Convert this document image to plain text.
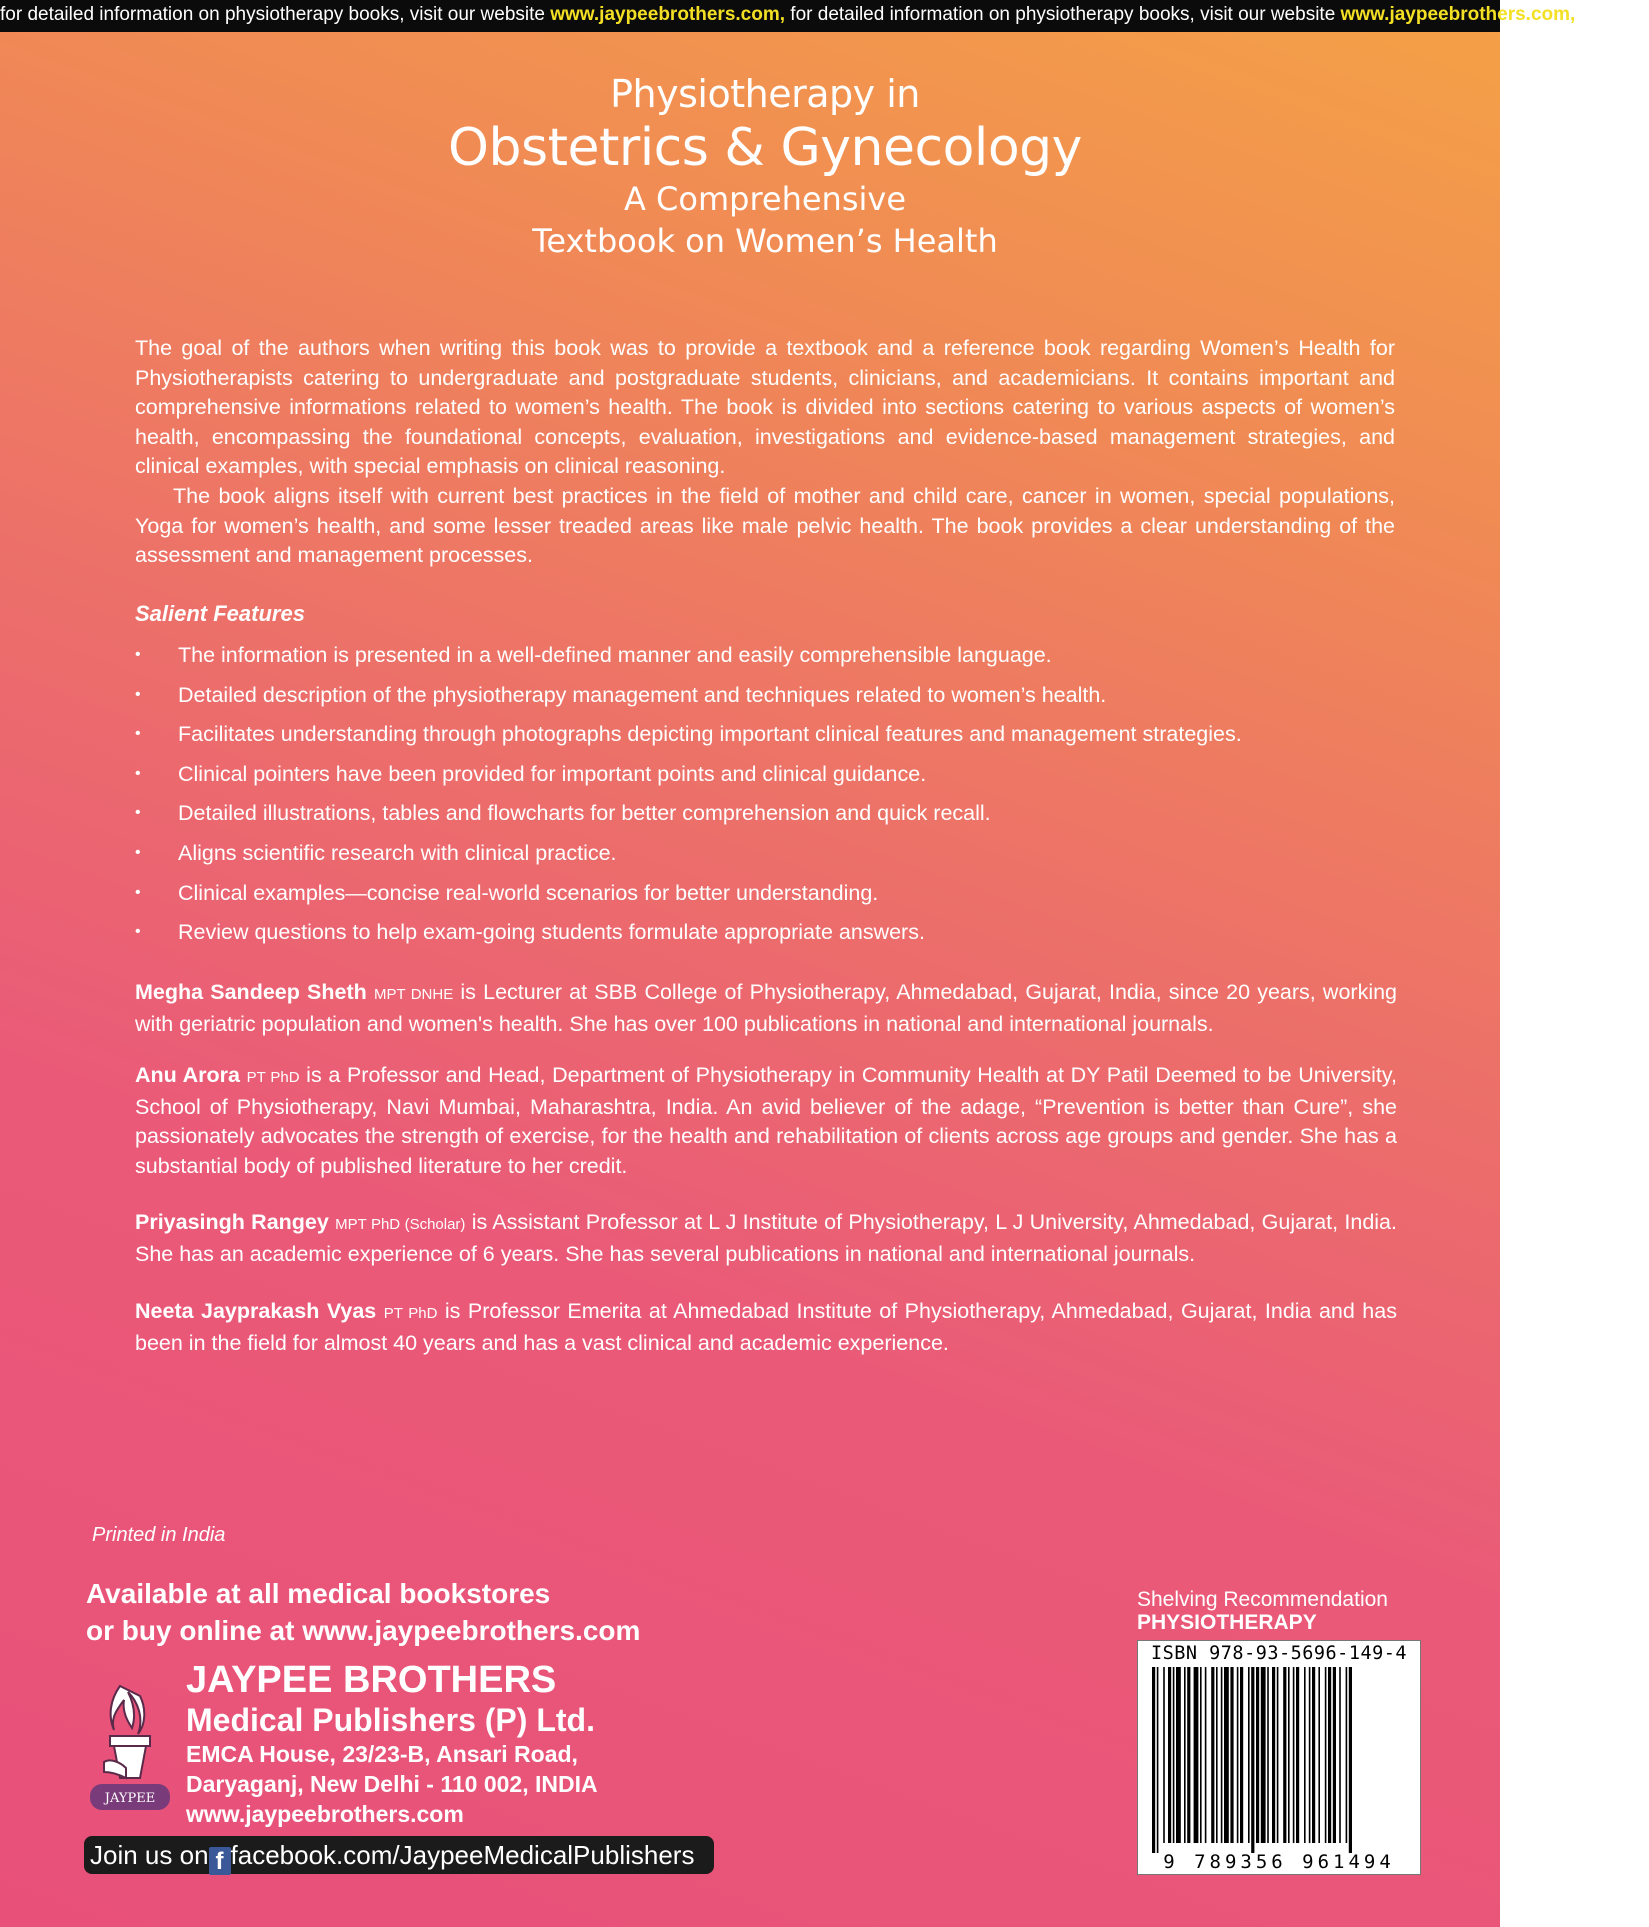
for detailed information on physiotherapy books, visit our website www.jaypeebrothers.com, for detailed information on physiotherapy books, visit our website www.jaypeebrothers.com, for detai
Physiotherapy in
Obstetrics & Gynecology
A Comprehensive
Textbook on Women’s Health

The goal of the authors when writing this book was to provide a textbook and a reference book regarding Women’s Health for Physiotherapists catering to undergraduate and postgraduate students, clinicians, and academicians. It contains important and comprehensive informations related to women’s health. The book is divided into sections catering to various aspects of women’s health, encompassing the foundational concepts, evaluation, investigations and evidence-based management strategies, and clinical examples, with special emphasis on clinical reasoning.

The book aligns itself with current best practices in the field of mother and child care, cancer in women, special populations, Yoga for women’s health, and some lesser treaded areas like male pelvic health. The book provides a clear understanding of the assessment and management processes.

Salient Features
• The information is presented in a well-defined manner and easily comprehensible language.
• Detailed description of the physiotherapy management and techniques related to women’s health.
• Facilitates understanding through photographs depicting important clinical features and management strategies.
• Clinical pointers have been provided for important points and clinical guidance.
• Detailed illustrations, tables and flowcharts for better comprehension and quick recall.
• Aligns scientific research with clinical practice.
• Clinical examples—concise real-world scenarios for better understanding.
• Review questions to help exam-going students formulate appropriate answers.
Megha Sandeep Sheth MPT DNHE is Lecturer at SBB College of Physiotherapy, Ahmedabad, Gujarat, India, since 20 years, working with geriatric population and women's health. She has over 100 publications in national and international journals.
Anu Arora PT PhD is a Professor and Head, Department of Physiotherapy in Community Health at DY Patil Deemed to be University, School of Physiotherapy, Navi Mumbai, Maharashtra, India. An avid believer of the adage, “Prevention is better than Cure”, she passionately advocates the strength of exercise, for the health and rehabilitation of clients across age groups and gender. She has a substantial body of published literature to her credit.
Priyasingh Rangey MPT PhD (Scholar) is Assistant Professor at L J Institute of Physiotherapy, L J University, Ahmedabad, Gujarat, India. She has an academic experience of 6 years. She has several publications in national and international journals.
Neeta Jayprakash Vyas PT PhD is Professor Emerita at Ahmedabad Institute of Physiotherapy, Ahmedabad, Gujarat, India and has been in the field for almost 40 years and has a vast clinical and academic experience.
Printed in India
Available at all medical bookstores
or buy online at www.jaypeebrothers.com
JAYPEE
JAYPEE BROTHERS
Medical Publishers (P) Ltd.
EMCA House, 23/23-B, Ansari Road,
Daryaganj, New Delhi - 110 002, INDIA
www.jaypeebrothers.com
Join us on f facebook.com/JaypeeMedicalPublishers
Shelving Recommendation
PHYSIOTHERAPY
ISBN 978-93-5696-149-4
9 789356 961494
